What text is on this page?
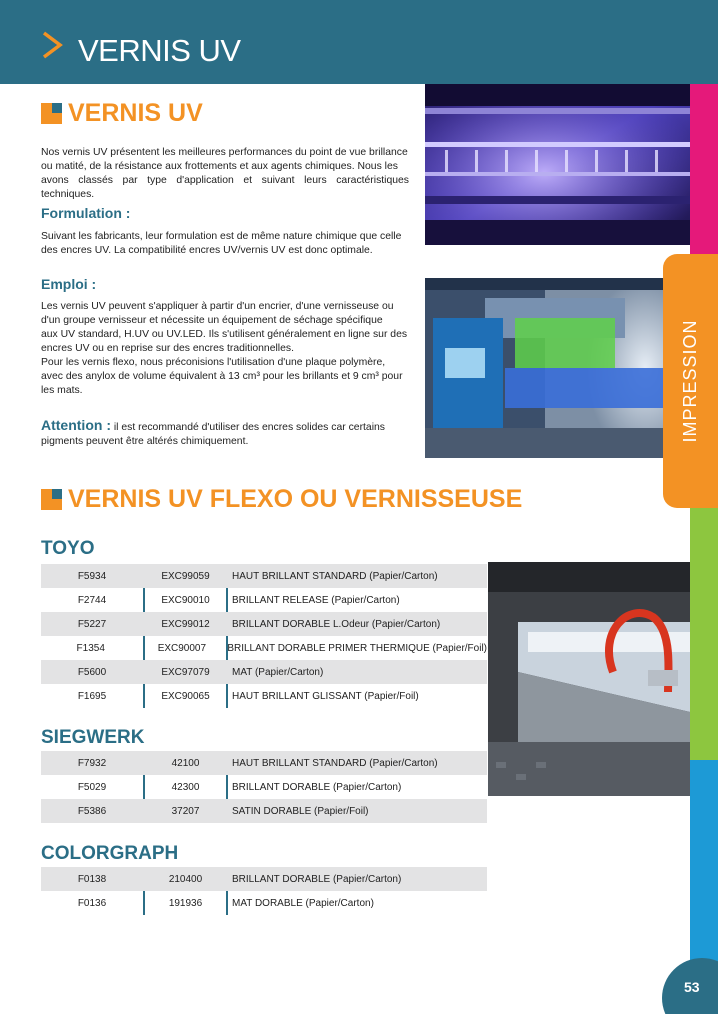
VERNIS UV
IMPRESSION
53
VERNIS UV
Nos vernis UV présentent les meilleures performances du point de vue brillance
ou matité, de la résistance aux frottements et aux agents chimiques. Nous les
avons classés par type d'application et suivant leurs caractéristiques techniques.
Formulation :
Suivant les fabricants, leur formulation est de même nature chimique que celle
des encres UV. La compatibilité encres UV/vernis UV est donc optimale.
Emploi :
Les vernis UV peuvent s'appliquer à partir d'un encrier, d'une vernisseuse ou
d'un groupe vernisseur et nécessite un équipement de séchage spécifique
aux UV standard, H.UV ou UV.LED. Ils s'utilisent généralement en ligne sur des
encres UV ou en reprise sur des encres traditionnelles.
Pour les vernis flexo, nous préconisions l'utilisation d'une plaque polymère,
avec des anylox de volume équivalent à 13 cm³ pour les brillants et 9 cm³ pour
les mats.
Attention : il est recommandé d'utiliser des encres solides car certains
pigments peuvent être altérés chimiquement.
VERNIS UV FLEXO OU VERNISSEUSE
TOYO
F5934	EXC99059	HAUT BRILLANT STANDARD (Papier/Carton)
F2744	EXC90010	BRILLANT RELEASE (Papier/Carton)
F5227	EXC99012	BRILLANT DORABLE L.Odeur (Papier/Carton)
F1354	EXC90007	BRILLANT DORABLE PRIMER THERMIQUE (Papier/Foil)
F5600	EXC97079	MAT (Papier/Carton)
F1695	EXC90065	HAUT BRILLANT GLISSANT (Papier/Foil)
SIEGWERK
F7932	42100	HAUT BRILLANT STANDARD (Papier/Carton)
F5029	42300	BRILLANT DORABLE (Papier/Carton)
F5386	37207	SATIN DORABLE (Papier/Foil)
COLORGRAPH
F0138	210400	BRILLANT DORABLE (Papier/Carton)
F0136	191936	MAT DORABLE (Papier/Carton)
